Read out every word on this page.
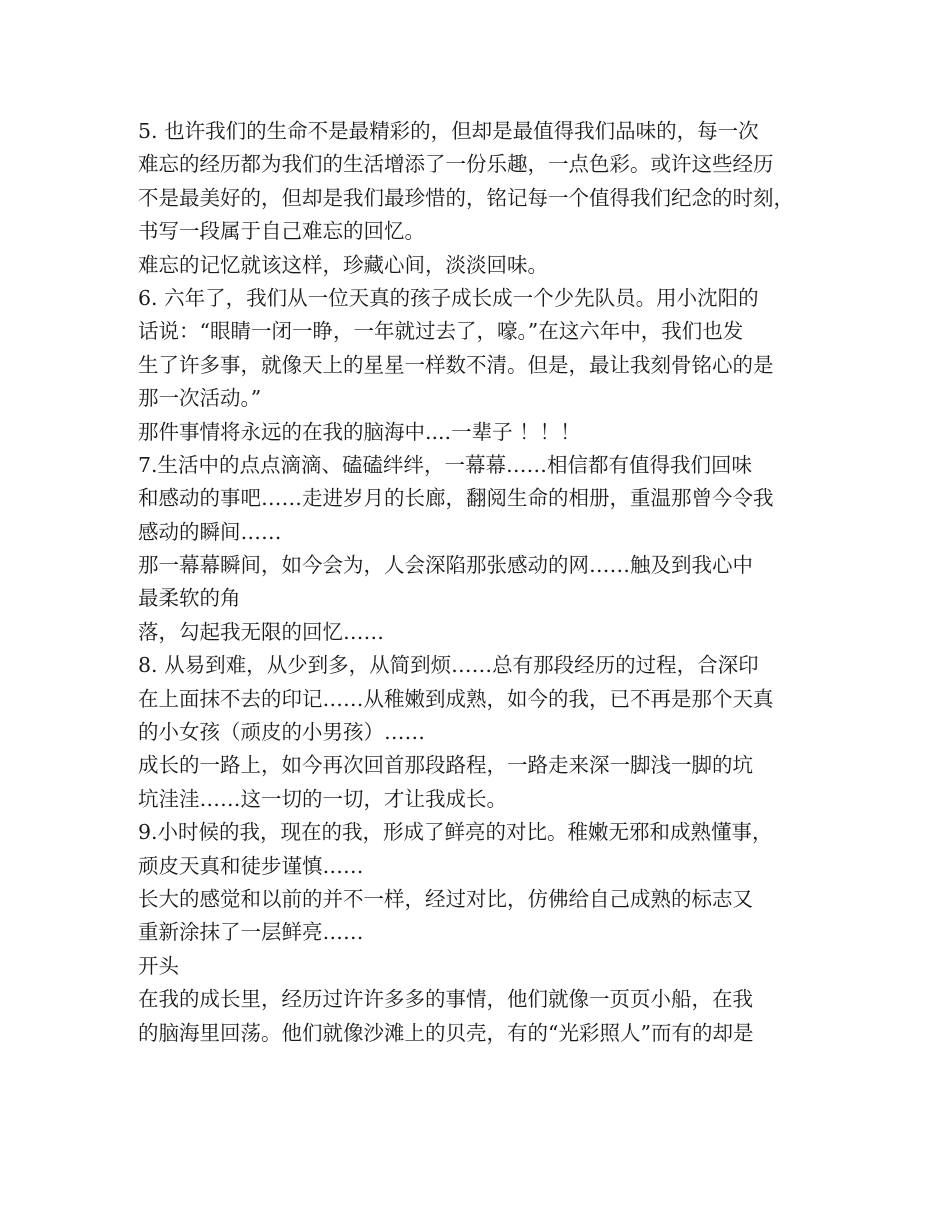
5. 也许我们的生命不是最精彩的，但却是最值得我们品味的，每一次
难忘的经历都为我们的生活增添了一份乐趣，一点色彩。或许这些经历
不是最美好的，但却是我们最珍惜的，铭记每一个值得我们纪念的时刻，
书写一段属于自己难忘的回忆。
难忘的记忆就该这样，珍藏心间，淡淡回味。
6. 六年了，我们从一位天真的孩子成长成一个少先队员。用小沈阳的
话说：“眼睛一闭一睁，一年就过去了，嚎。”在这六年中，我们也发
生了许多事，就像天上的星星一样数不清。但是，最让我刻骨铭心的是
那一次活动。”
那件事情将永远的在我的脑海中....一辈子 ！！！
7.生活中的点点滴滴、磕磕绊绊，一幕幕……相信都有值得我们回味
和感动的事吧……走进岁月的长廊，翻阅生命的相册，重温那曾今令我
感动的瞬间……
那一幕幕瞬间，如今会为，人会深陷那张感动的网……触及到我心中
最柔软的角
落，勾起我无限的回忆……
8. 从易到难，从少到多，从简到烦……总有那段经历的过程，合深印
在上面抹不去的印记……从稚嫩到成熟，如今的我，已不再是那个天真
的小女孩（顽皮的小男孩）……
成长的一路上，如今再次回首那段路程，一路走来深一脚浅一脚的坑
坑洼洼……这一切的一切，才让我成长。
9.小时候的我，现在的我，形成了鲜亮的对比。稚嫩无邪和成熟懂事，
顽皮天真和徒步谨慎……
长大的感觉和以前的并不一样，经过对比，仿佛给自己成熟的标志又
重新涂抹了一层鲜亮……
开头
在我的成长里，经历过许许多多的事情，他们就像一页页小船，在我
的脑海里回荡。他们就像沙滩上的贝壳，有的“光彩照人”而有的却是
